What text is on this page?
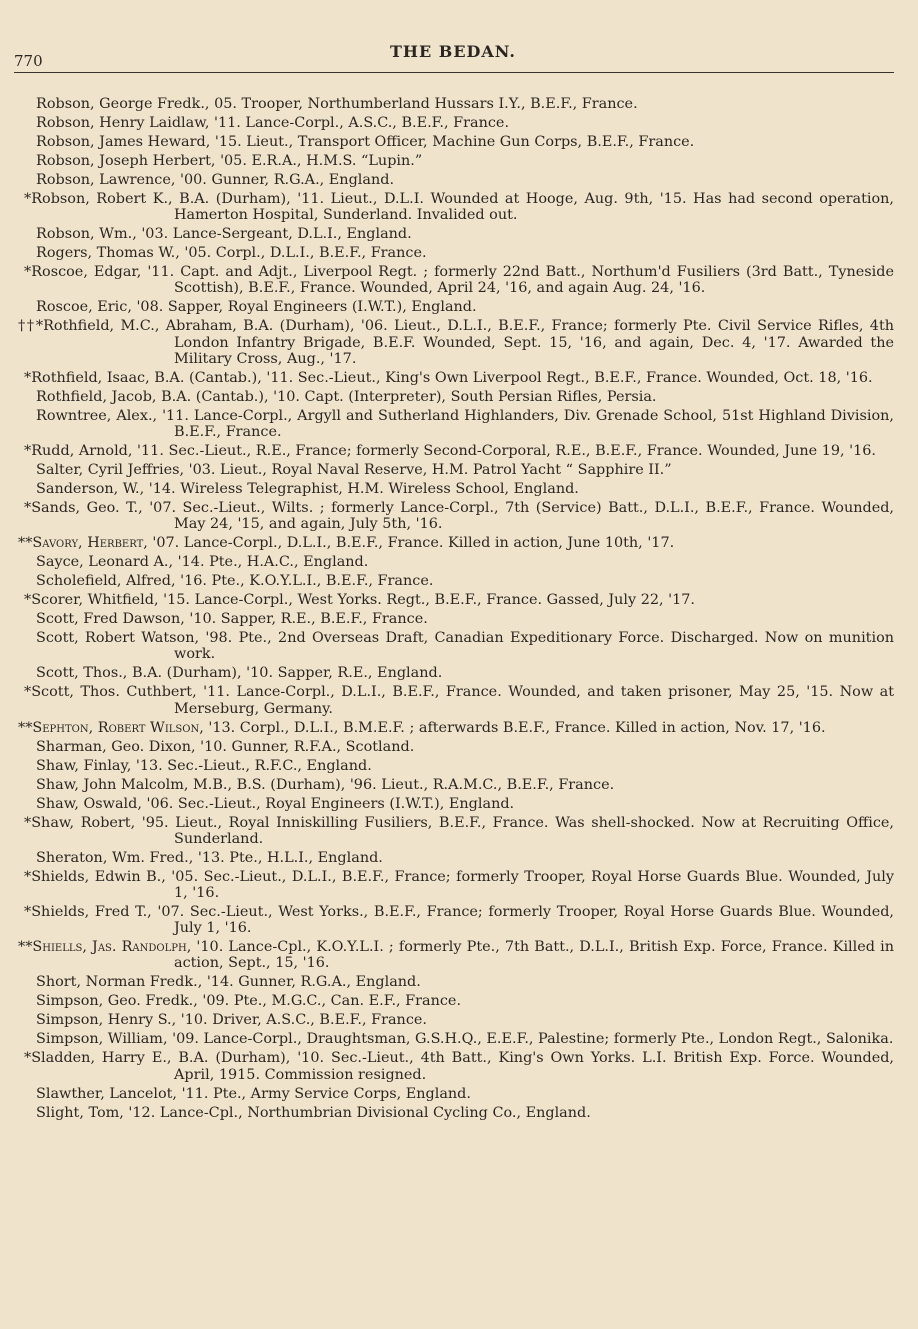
770	THE BEDAN.

Robson, George Fredk., 05. Trooper, Northumberland Hussars I.Y., B.E.F., France.

Robson, Henry Laidlaw, '11. Lance-Corpl., A.S.C., B.E.F., France.

Robson, James Heward, '15. Lieut., Transport Officer, Machine Gun Corps, B.E.F., France.

Robson, Joseph Herbert, '05. E.R.A., H.M.S. “Lupin.”

Robson, Lawrence, '00. Gunner, R.G.A., England.

*Robson, Robert K., B.A. (Durham), '11. Lieut., D.L.I. Wounded at Hooge, Aug. 9th, '15. Has had second operation, Hamerton Hospital, Sunderland. Invalided out.

Robson, Wm., '03. Lance-Sergeant, D.L.I., England.

Rogers, Thomas W., '05. Corpl., D.L.I., B.E.F., France.

*Roscoe, Edgar, '11. Capt. and Adjt., Liverpool Regt. ; formerly 22nd Batt., Northum'd Fusiliers (3rd Batt., Tyneside Scottish), B.E.F., France. Wounded, April 24, '16, and again Aug. 24, '16.

Roscoe, Eric, '08. Sapper, Royal Engineers (I.W.T.), England.

††*Rothfield, M.C., Abraham, B.A. (Durham), '06. Lieut., D.L.I., B.E.F., France; formerly Pte. Civil Service Rifles, 4th London Infantry Brigade, B.E.F. Wounded, Sept. 15, '16, and again, Dec. 4, '17. Awarded the Military Cross, Aug., '17.

*Rothfield, Isaac, B.A. (Cantab.), '11. Sec.-Lieut., King's Own Liverpool Regt., B.E.F., France. Wounded, Oct. 18, '16.

Rothfield, Jacob, B.A. (Cantab.), '10. Capt. (Interpreter), South Persian Rifles, Persia.

Rowntree, Alex., '11. Lance-Corpl., Argyll and Sutherland Highlanders, Div. Grenade School, 51st Highland Division, B.E.F., France.

*Rudd, Arnold, '11. Sec.-Lieut., R.E., France; formerly Second-Corporal, R.E., B.E.F., France. Wounded, June 19, '16.

Salter, Cyril Jeffries, '03. Lieut., Royal Naval Reserve, H.M. Patrol Yacht “ Sapphire II.”

Sanderson, W., '14. Wireless Telegraphist, H.M. Wireless School, England.

*Sands, Geo. T., '07. Sec.-Lieut., Wilts. ; formerly Lance-Corpl., 7th (Service) Batt., D.L.I., B.E.F., France. Wounded, May 24, '15, and again, July 5th, '16.

**Savory, Herbert, '07. Lance-Corpl., D.L.I., B.E.F., France. Killed in action, June 10th, '17.

Sayce, Leonard A., '14. Pte., H.A.C., England.

Scholefield, Alfred, '16. Pte., K.O.Y.L.I., B.E.F., France.

*Scorer, Whitfield, '15. Lance-Corpl., West Yorks. Regt., B.E.F., France. Gassed, July 22, '17.

Scott, Fred Dawson, '10. Sapper, R.E., B.E.F., France.

Scott, Robert Watson, '98. Pte., 2nd Overseas Draft, Canadian Expeditionary Force. Discharged. Now on munition work.

Scott, Thos., B.A. (Durham), '10. Sapper, R.E., England.

*Scott, Thos. Cuthbert, '11. Lance-Corpl., D.L.I., B.E.F., France. Wounded, and taken prisoner, May 25, '15. Now at Merseburg, Germany.

**Sephton, Robert Wilson, '13. Corpl., D.L.I., B.M.E.F. ; afterwards B.E.F., France. Killed in action, Nov. 17, '16.

Sharman, Geo. Dixon, '10. Gunner, R.F.A., Scotland.

Shaw, Finlay, '13. Sec.-Lieut., R.F.C., England.

Shaw, John Malcolm, M.B., B.S. (Durham), '96. Lieut., R.A.M.C., B.E.F., France.

Shaw, Oswald, '06. Sec.-Lieut., Royal Engineers (I.W.T.), England.

*Shaw, Robert, '95. Lieut., Royal Inniskilling Fusiliers, B.E.F., France. Was shell-shocked. Now at Recruiting Office, Sunderland.

Sheraton, Wm. Fred., '13. Pte., H.L.I., England.

*Shields, Edwin B., '05. Sec.-Lieut., D.L.I., B.E.F., France; formerly Trooper, Royal Horse Guards Blue. Wounded, July 1, '16.

*Shields, Fred T., '07. Sec.-Lieut., West Yorks., B.E.F., France; formerly Trooper, Royal Horse Guards Blue. Wounded, July 1, '16.

**Shiells, Jas. Randolph, '10. Lance-Cpl., K.O.Y.L.I. ; formerly Pte., 7th Batt., D.L.I., British Exp. Force, France. Killed in action, Sept., 15, '16.

Short, Norman Fredk., '14. Gunner, R.G.A., England.

Simpson, Geo. Fredk., '09. Pte., M.G.C., Can. E.F., France.

Simpson, Henry S., '10. Driver, A.S.C., B.E.F., France.

Simpson, William, '09. Lance-Corpl., Draughtsman, G.S.H.Q., E.E.F., Palestine; formerly Pte., London Regt., Salonika.

*Sladden, Harry E., B.A. (Durham), '10. Sec.-Lieut., 4th Batt., King's Own Yorks. L.I. British Exp. Force. Wounded, April, 1915. Commission resigned.

Slawther, Lancelot, '11. Pte., Army Service Corps, England.

Slight, Tom, '12. Lance-Cpl., Northumbrian Divisional Cycling Co., England.
